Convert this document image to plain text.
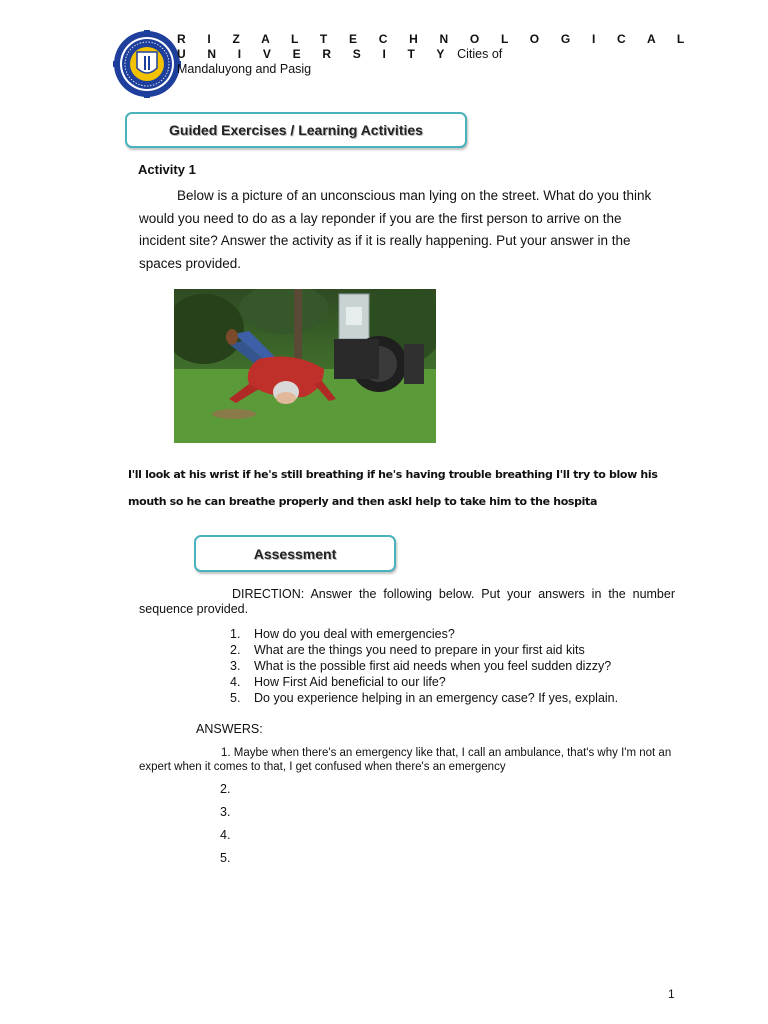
R I Z A L T E C H N O L O G I C A L U N I V E R S I T Y Cities of
Mandaluyong and Pasig
Guided Exercises / Learning Activities
Activity 1

Below is a picture of an unconscious man lying on the street. What do you think would you need to do as a lay reponder if you are the first person to arrive on the incident site? Answer the activity as if it is really happening. Put your answer in the spaces provided.

I'll look at his wrist if he's still breathing if he's having trouble breathing I'll try to blow his mouth so he can breathe properly and then askI help to take him to the hospita
Assessment

DIRECTION: Answer the following below. Put your answers in the number sequence provided.

1.	How do you deal with emergencies?
2.	What are the things you need to prepare in your first aid kits
3.	What is the possible first aid needs when you feel sudden dizzy?
4.	How First Aid beneficial to our life?
5.	Do you experience helping in an emergency case? If yes, explain.
ANSWERS:

1. Maybe when there's an emergency like that, I call an ambulance, that's why I'm not an expert when it comes to that, I get confused when there's an emergency

2.
3.
4.
5.
1
